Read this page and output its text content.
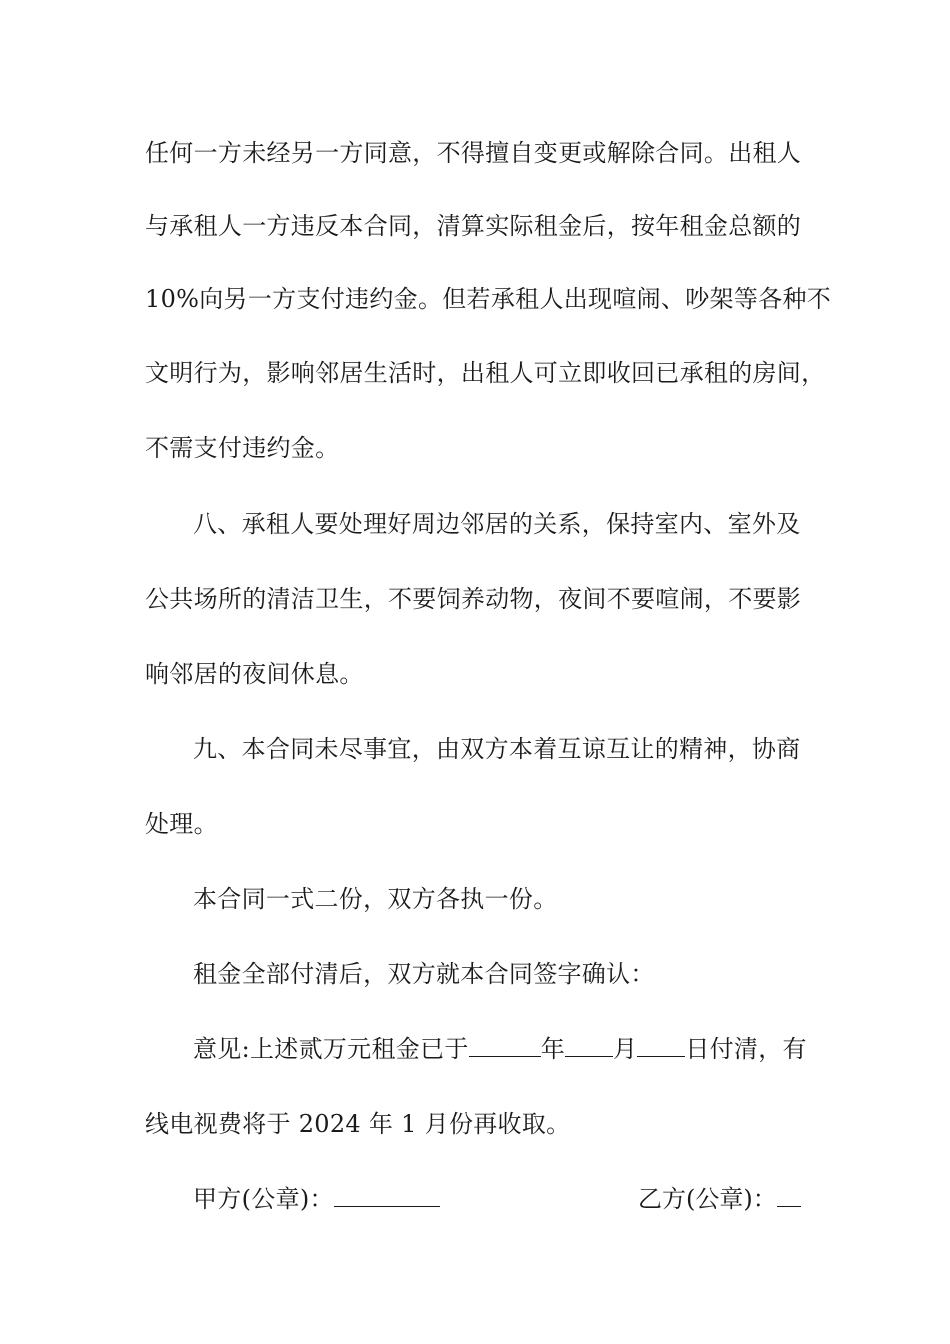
任何一方未经另一方同意，不得擅自变更或解除合同。出租人
与承租人一方违反本合同，清算实际租金后，按年租金总额的
10%向另一方支付违约金。但若承租人出现喧闹、吵架等各种不
文明行为，影响邻居生活时，出租人可立即收回已承租的房间，
不需支付违约金。
八、承租人要处理好周边邻居的关系，保持室内、室外及
公共场所的清洁卫生，不要饲养动物，夜间不要喧闹，不要影
响邻居的夜间休息。
九、本合同未尽事宜，由双方本着互谅互让的精神，协商
处理。
本合同一式二份，双方各执一份。
租金全部付清后，双方就本合同签字确认：
意见:上述贰万元租金已于	年 月 日付清，有
线电视费将于 2024 年 1 月份再收取。
甲方(公章)：	乙方(公章)：
